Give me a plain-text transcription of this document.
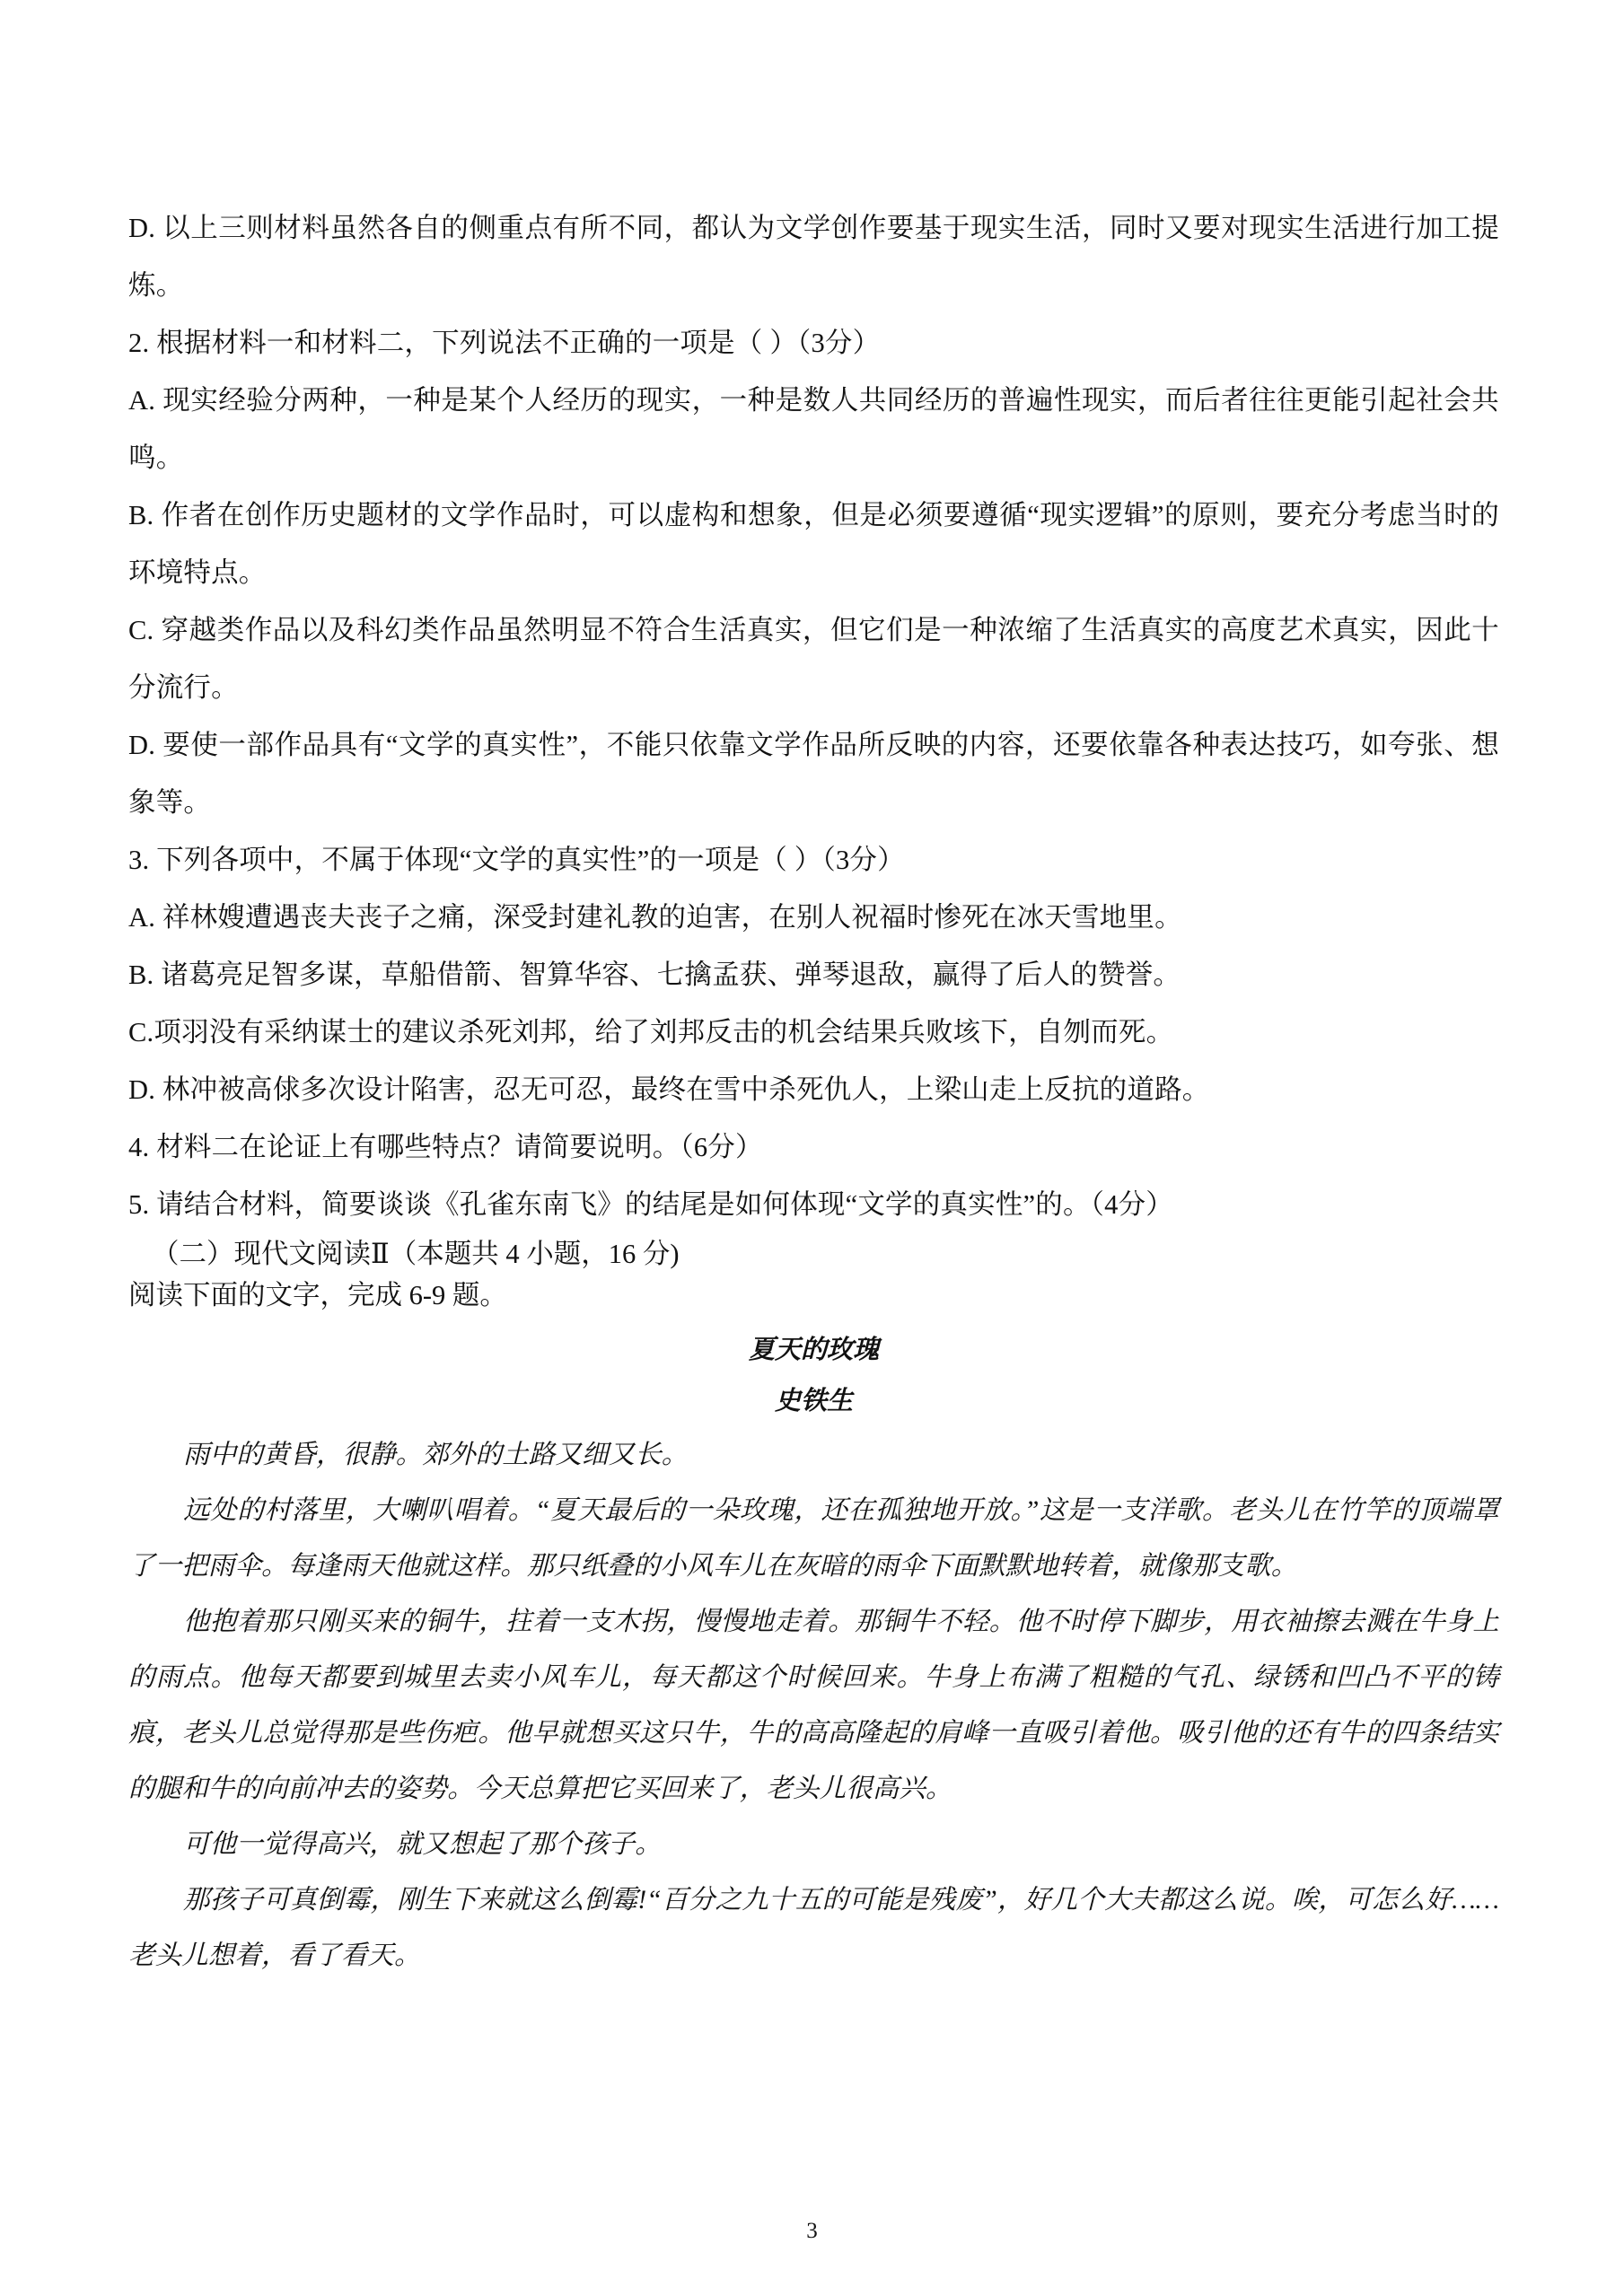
D. 以上三则材料虽然各自的侧重点有所不同，都认为文学创作要基于现实生活，同时又要对现实生活进行加工提炼。

2. 根据材料一和材料二，下列说法不正确的一项是（ ）（3分）

A. 现实经验分两种，一种是某个人经历的现实，一种是数人共同经历的普遍性现实，而后者往往更能引起社会共鸣。

B. 作者在创作历史题材的文学作品时，可以虚构和想象，但是必须要遵循“现实逻辑”的原则，要充分考虑当时的环境特点。

C. 穿越类作品以及科幻类作品虽然明显不符合生活真实，但它们是一种浓缩了生活真实的高度艺术真实，因此十分流行。

D. 要使一部作品具有“文学的真实性”，不能只依靠文学作品所反映的内容，还要依靠各种表达技巧，如夸张、想象等。

3. 下列各项中，不属于体现“文学的真实性”的一项是（ ）（3分）

A. 祥林嫂遭遇丧夫丧子之痛，深受封建礼教的迫害，在别人祝福时惨死在冰天雪地里。

B. 诸葛亮足智多谋，草船借箭、智算华容、七擒孟获、弹琴退敌，赢得了后人的赞誉。

C.项羽没有采纳谋士的建议杀死刘邦，给了刘邦反击的机会结果兵败垓下，自刎而死。

D. 林冲被高俅多次设计陷害，忍无可忍，最终在雪中杀死仇人，上梁山走上反抗的道路。

4. 材料二在论证上有哪些特点？请简要说明。（6分）

5. 请结合材料，简要谈谈《孔雀东南飞》的结尾是如何体现“文学的真实性”的。（4分）

（二）现代文阅读Ⅱ（本题共 4 小题，16 分)

阅读下面的文字，完成 6-9 题。

夏天的玫瑰

史铁生

雨中的黄昏，很静。郊外的土路又细又长。

远处的村落里，大喇叭唱着。“夏天最后的一朵玫瑰，还在孤独地开放。”这是一支洋歌。老头儿在竹竿的顶端罩了一把雨伞。每逢雨天他就这样。那只纸叠的小风车儿在灰暗的雨伞下面默默地转着，就像那支歌。

他抱着那只刚买来的铜牛，拄着一支木拐，慢慢地走着。那铜牛不轻。他不时停下脚步，用衣袖擦去溅在牛身上的雨点。他每天都要到城里去卖小风车儿，每天都这个时候回来。牛身上布满了粗糙的气孔、绿锈和凹凸不平的铸痕，老头儿总觉得那是些伤疤。他早就想买这只牛，牛的高高隆起的肩峰一直吸引着他。吸引他的还有牛的四条结实的腿和牛的向前冲去的姿势。今天总算把它买回来了，老头儿很高兴。

可他一觉得高兴，就又想起了那个孩子。

那孩子可真倒霉，刚生下来就这么倒霉!“百分之九十五的可能是残废”，好几个大夫都这么说。唉，可怎么好……老头儿想着，看了看天。

3
